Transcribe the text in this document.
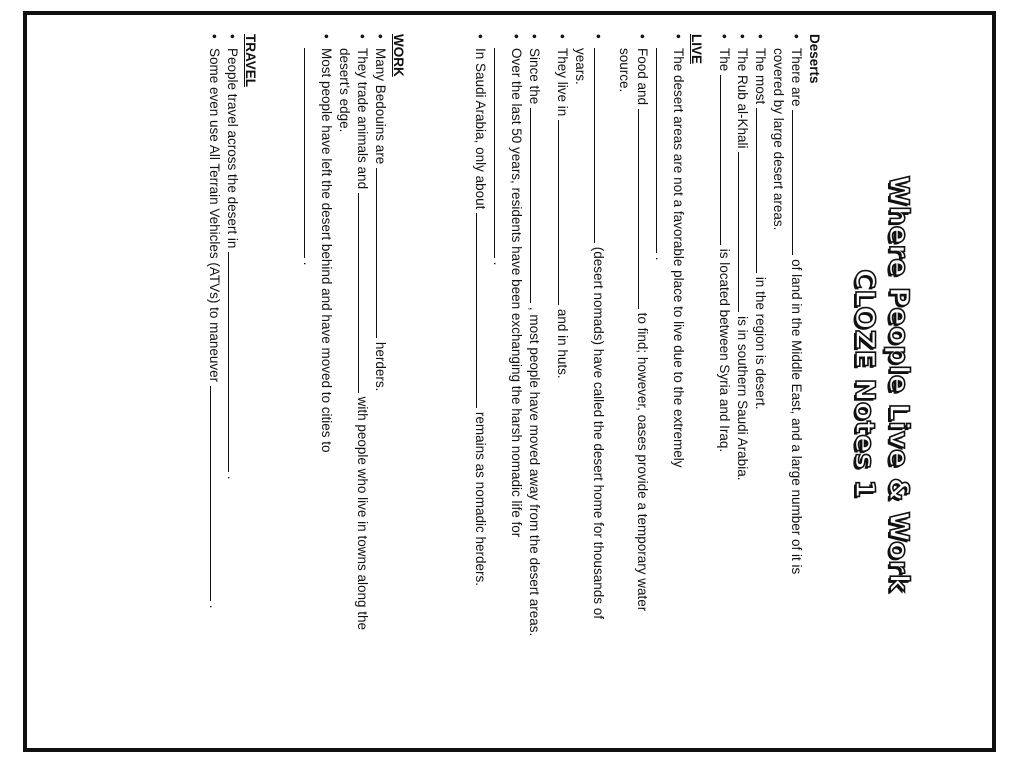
Where People Live & Work
CLOZE Notes 1
Deserts
• There are  of land in the Middle East, and a large number of it is
covered by large desert areas.
• The most  in the region is desert.
• The Rub al-Khali  is in southern Saudi Arabia.
• The  is located between Syria and Iraq.
LIVE
• The desert areas are not a favorable place to live due to the extremely
.
• Food and  to find; however, oases provide a temporary water
source.
• (desert nomads) have called the desert home for thousands of
years.
• They live in  and in huts.
• Since the  , most people have moved away from the desert areas.
• Over the last 50 years, residents have been exchanging the harsh nomadic life for
.
• In Saudi Arabia, only about  remains as nomadic herders.
WORK
• Many Bedouins are  herders.
• They trade animals and  with people who live in towns along the
desert's edge.
• Most people have left the desert behind and have moved to cities to
.
TRAVEL
• People travel across the desert in  .
• Some even use All Terrain Vehicles (ATVs) to maneuver  .
